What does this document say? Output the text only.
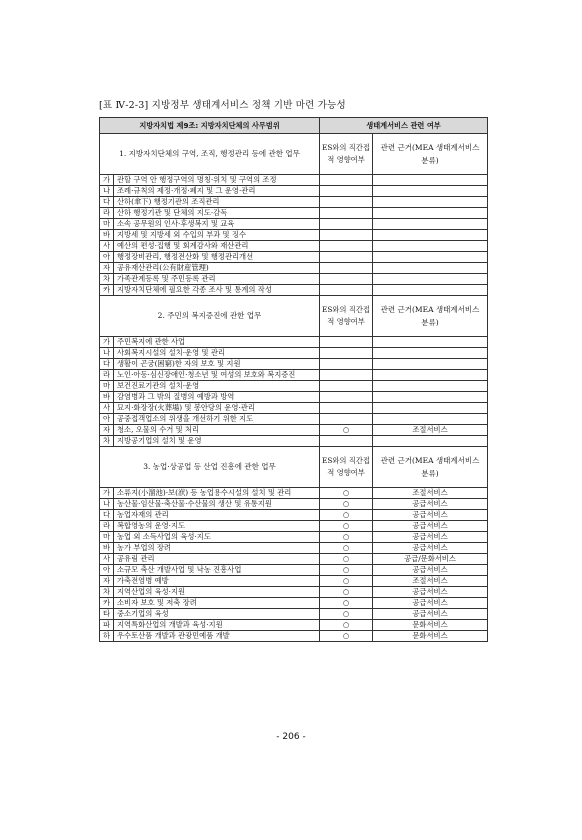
[표 Ⅳ-2-3] 지방정부 생태계서비스 정책 기반 마련 가능성
지방자치법 제9조: 지방자치단체의 사무범위		생태계서비스 관련 여부	
1. 지방자치단체의 구역, 조직, 행정관리 등에 관한 업무		ES와의 직간접적 영향여부	관련 근거(MEA 생태계서비스 분류)
가	관할 구역 안 행정구역의 명칭·위치 및 구역의 조정		
나	조례·규칙의 제정·개정·폐지 및 그 운영·관리		
다	산하(傘下) 행정기관의 조직관리		
라	산하 행정기관 및 단체의 지도·감독		
마	소속 공무원의 인사·후생복지 및 교육		
바	지방세 및 지방세 외 수입의 부과 및 징수		
사	예산의 편성·집행 및 회계감사와 재산관리		
아	행정장비관리, 행정전산화 및 행정관리개선		
자	공유재산관리(公有財産管理)		
차	가족관계등록 및 주민등록 관리		
카	지방자치단체에 필요한 각종 조사 및 통계의 작성		
2. 주민의 복지증진에 관한 업무		ES와의 직간접적 영향여부	관련 근거(MEA 생태계서비스 분류)
가	주민복지에 관한 사업		
나	사회복지시설의 설치·운영 및 관리		
다	생활이 곤궁(困窮)한 자의 보호 및 지원		
라	노인·아동·심신장애인·청소년 및 여성의 보호와 복지증진		
마	보건진료기관의 설치·운영		
바	감염병과 그 밖의 질병의 예방과 방역		
사	묘지·화장장(火葬場) 및 봉안당의 운영·관리		
아	공중접객업소의 위생을 개선하기 위한 지도		
자	청소, 오물의 수거 및 처리	○	조절서비스
차	지방공기업의 설치 및 운영		
3. 농업·상공업 등 산업 진흥에 관한 업무		ES와의 직간접적 영향여부	관련 근거(MEA 생태계서비스 분류)
가	소류지(小溜池)·보(洑) 등 농업용수시설의 설치 및 관리	○	조절서비스
나	농산물·임산물·축산물·수산물의 생산 및 유통지원	○	공급서비스
다	농업자재의 관리	○	공급서비스
라	복합영농의 운영·지도	○	공급서비스
마	농업 외 소득사업의 육성·지도	○	공급서비스
바	농가 부업의 장려	○	공급서비스
사	공유림 관리	○	공급/문화서비스
아	소규모 축산 개발사업 및 낙농 진흥사업	○	공급서비스
자	가축전염병 예방	○	조절서비스
차	지역산업의 육성·지원	○	공급서비스
카	소비자 보호 및 저축 장려	○	공급서비스
타	중소기업의 육성	○	공급서비스
파	지역특화산업의 개발과 육성·지원	○	문화서비스
하	우수토산품 개발과 관광민예품 개발	○	문화서비스
- 206 -
